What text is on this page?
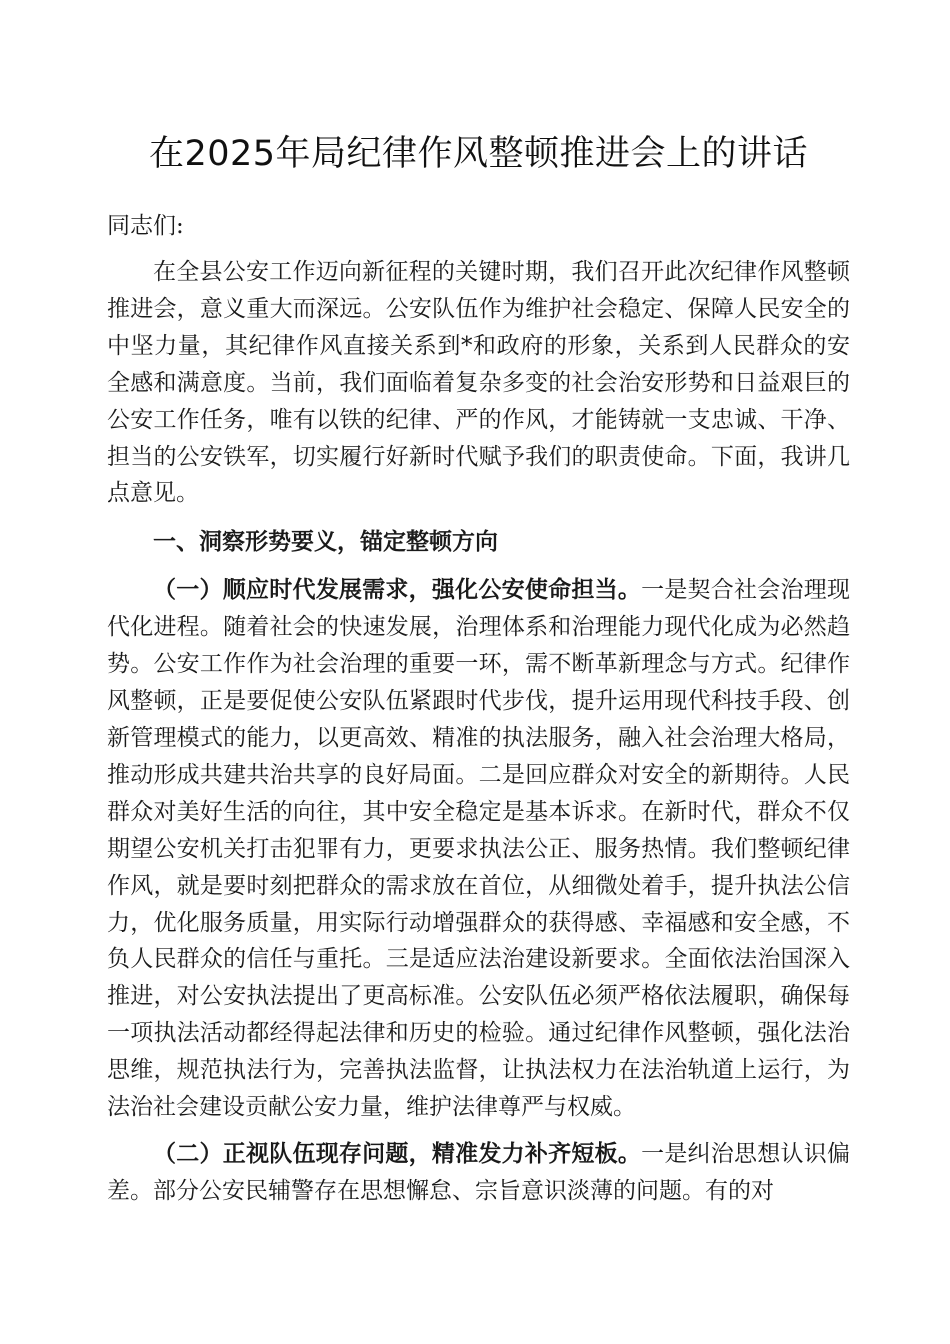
在2025年局纪律作风整顿推进会上的讲话

同志们:

在全县公安工作迈向新征程的关键时期，我们召开此次纪律作风整顿推进会，意义重大而深远。公安队伍作为维护社会稳定、保障人民安全的中坚力量，其纪律作风直接关系到*和政府的形象，关系到人民群众的安全感和满意度。当前，我们面临着复杂多变的社会治安形势和日益艰巨的公安工作任务，唯有以铁的纪律、严的作风，才能铸就一支忠诚、干净、担当的公安铁军，切实履行好新时代赋予我们的职责使命。下面，我讲几点意见。

一、洞察形势要义，锚定整顿方向

（一）顺应时代发展需求，强化公安使命担当。一是契合社会治理现代化进程。随着社会的快速发展，治理体系和治理能力现代化成为必然趋势。公安工作作为社会治理的重要一环，需不断革新理念与方式。纪律作风整顿，正是要促使公安队伍紧跟时代步伐，提升运用现代科技手段、创新管理模式的能力，以更高效、精准的执法服务，融入社会治理大格局，推动形成共建共治共享的良好局面。二是回应群众对安全的新期待。人民群众对美好生活的向往，其中安全稳定是基本诉求。在新时代，群众不仅期望公安机关打击犯罪有力，更要求执法公正、服务热情。我们整顿纪律作风，就是要时刻把群众的需求放在首位，从细微处着手，提升执法公信力，优化服务质量，用实际行动增强群众的获得感、幸福感和安全感，不负人民群众的信任与重托。三是适应法治建设新要求。全面依法治国深入推进，对公安执法提出了更高标准。公安队伍必须严格依法履职，确保每一项执法活动都经得起法律和历史的检验。通过纪律作风整顿，强化法治思维，规范执法行为，完善执法监督，让执法权力在法治轨道上运行，为法治社会建设贡献公安力量，维护法律尊严与权威。

（二）正视队伍现存问题，精准发力补齐短板。一是纠治思想认识偏差。部分公安民辅警存在思想懈怠、宗旨意识淡薄的问题。有的对
